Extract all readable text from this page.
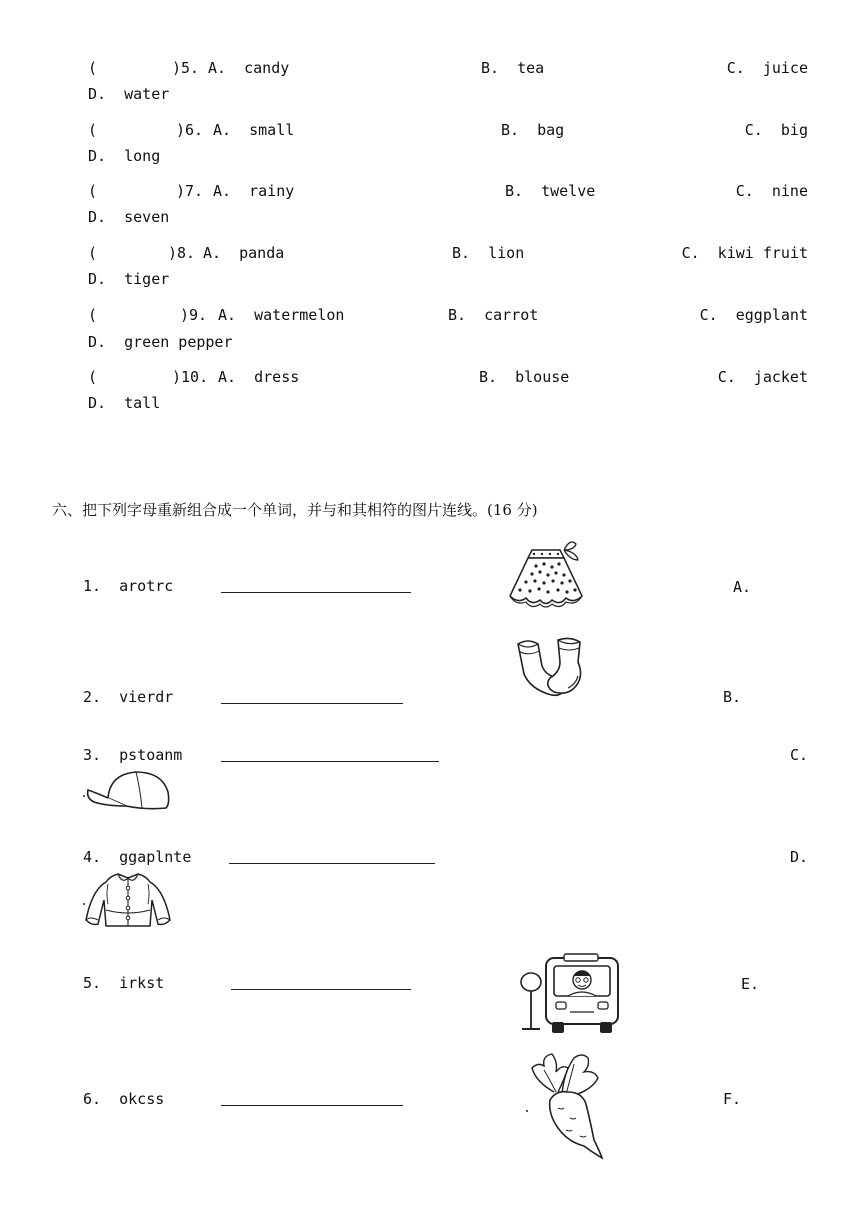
(	)5. A.  candy	B.  tea	C.  juice
D.  water
(	)6. A.  small	B.  bag	C.  big
D.  long
(	)7. A.  rainy	B.  twelve	C.  nine
D.  seven
(	)8. A.  panda	B.  lion	C.  kiwi fruit
D.  tiger
(	)9. A.  watermelon	B.  carrot	C.  eggplant
D.  green pepper
(	)10. A.  dress	B.  blouse	C.  jacket
D.  tall
六、把下列字母重新组合成一个单词，并与和其相符的图片连线。(16 分)
1.  arotrc	A.
2.  vierdr	B.
3.  pstoanm	C.
4.  ggaplnte	D.
5.  irkst	E.
6.  okcss	F.
